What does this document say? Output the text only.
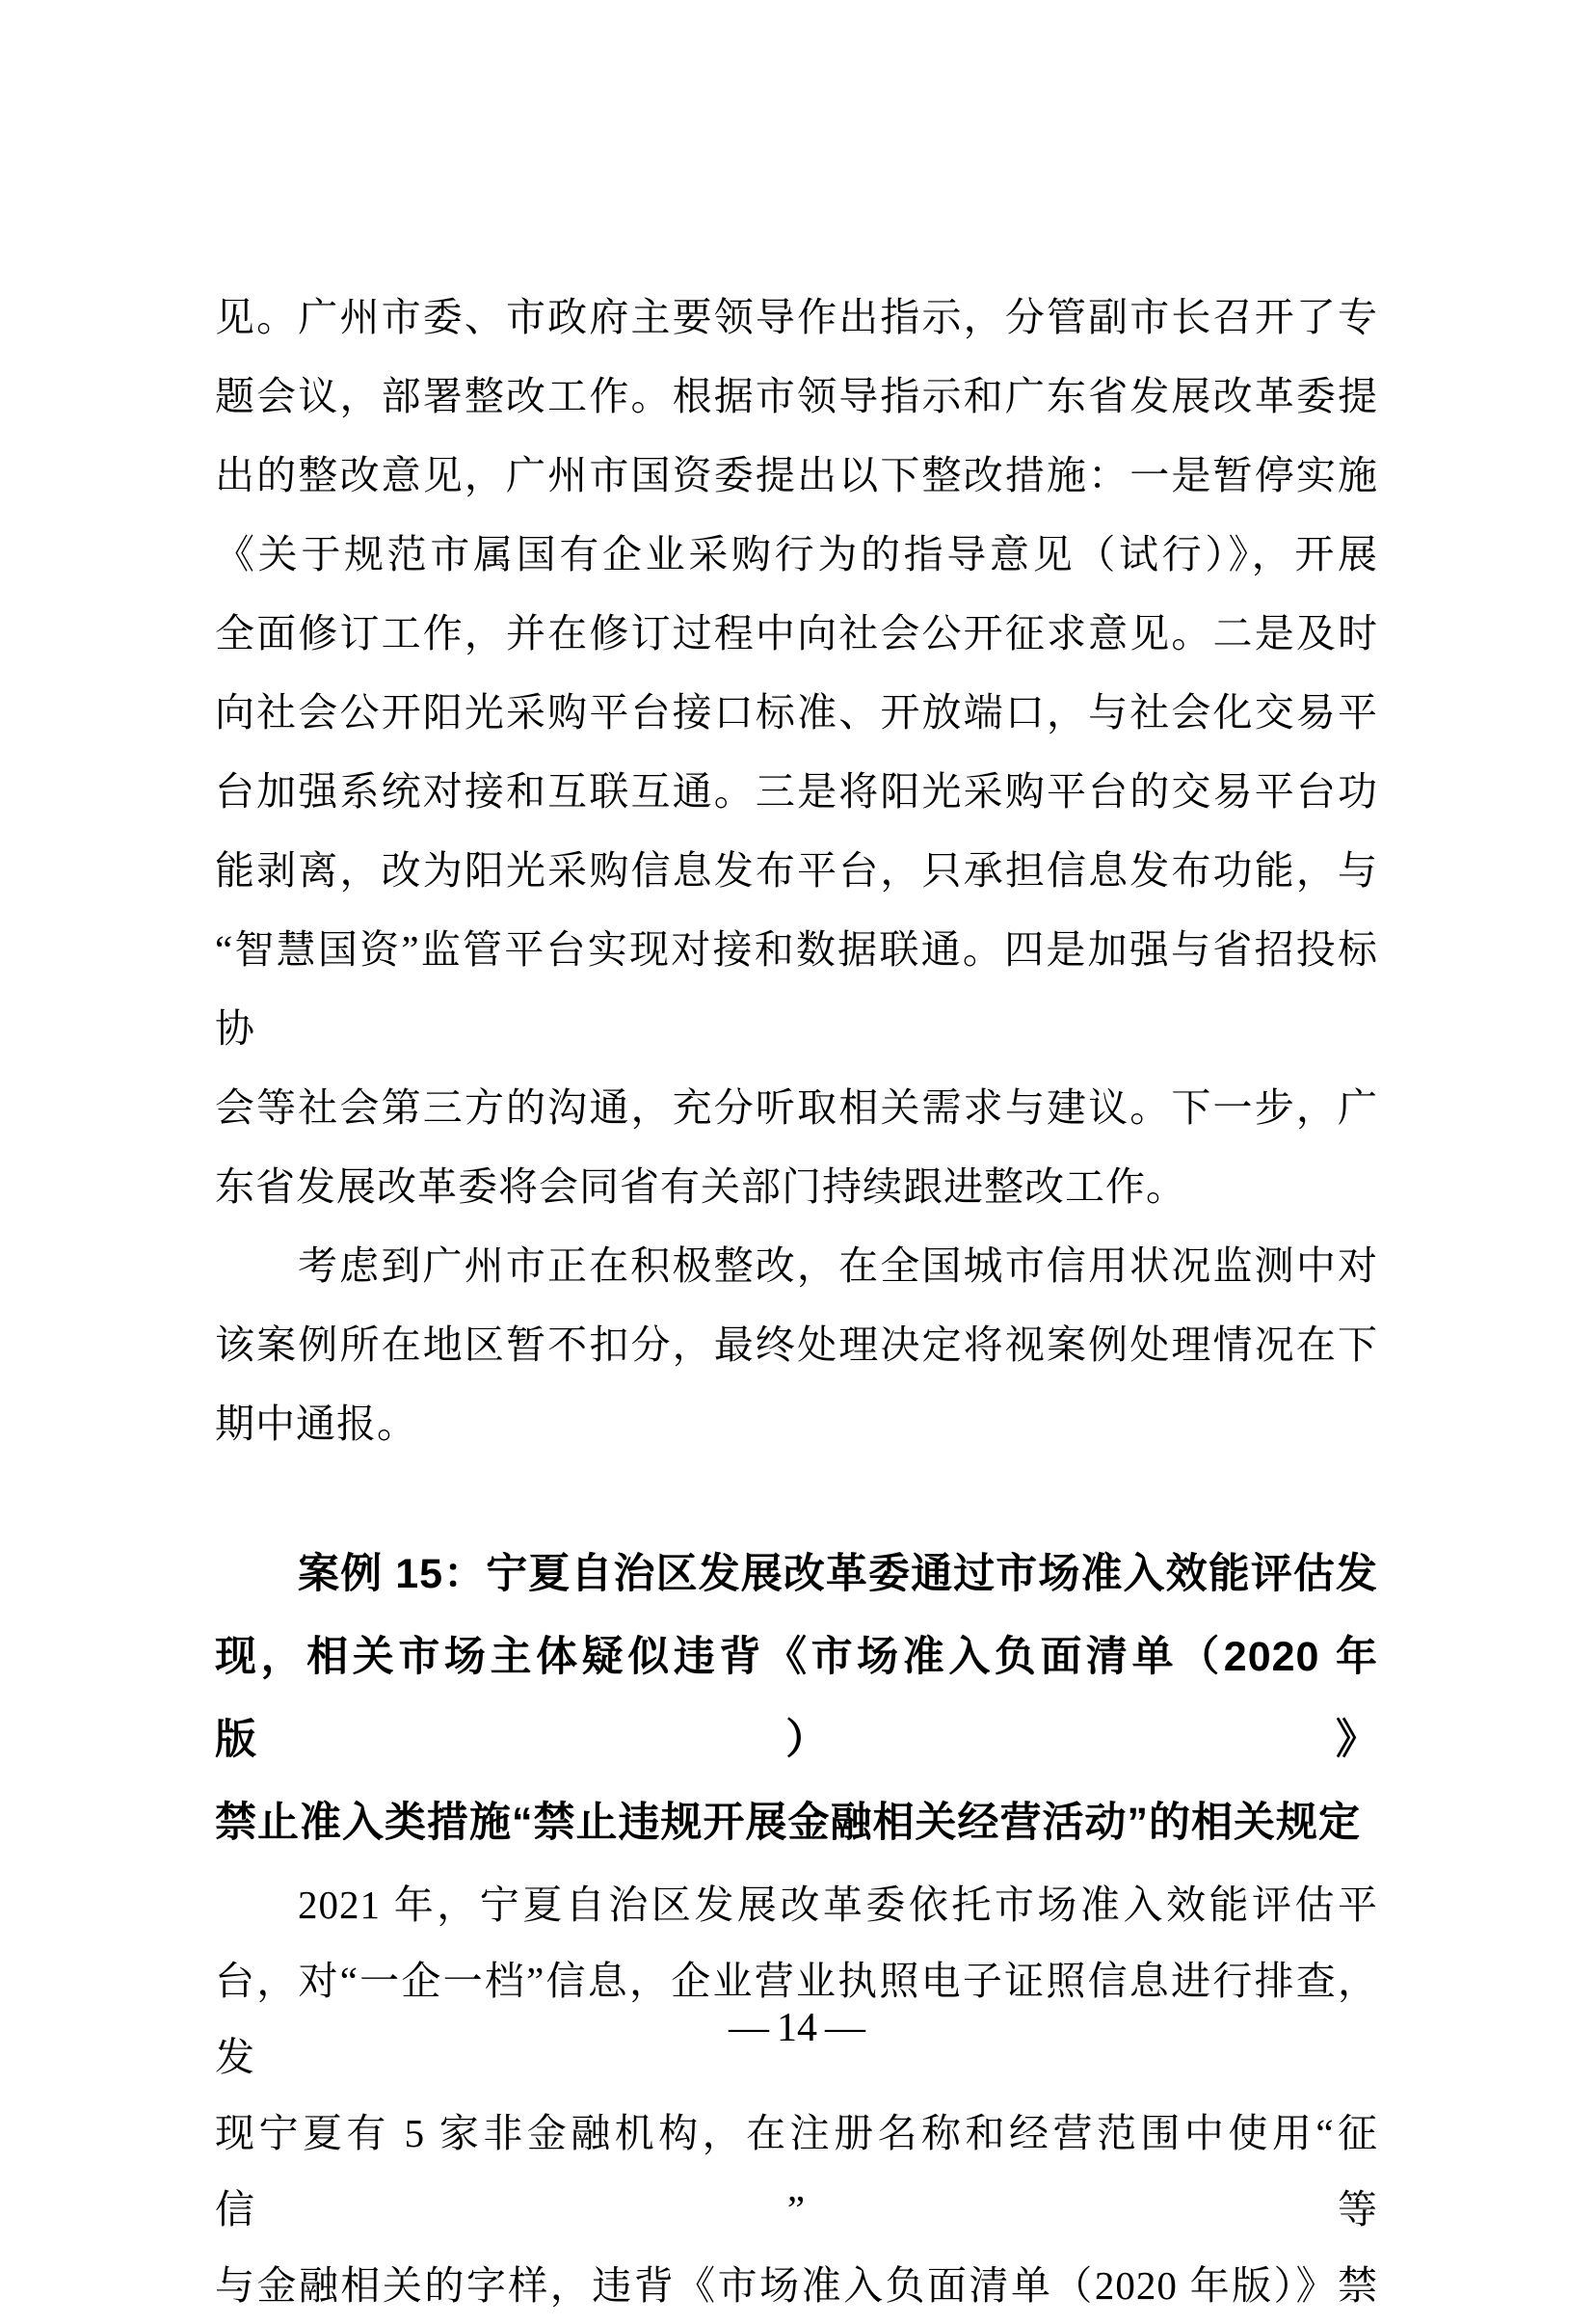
见。广州市委、市政府主要领导作出指示，分管副市长召开了专
题会议，部署整改工作。根据市领导指示和广东省发展改革委提
出的整改意见，广州市国资委提出以下整改措施：一是暂停实施
《关于规范市属国有企业采购行为的指导意见（试行）》，开展
全面修订工作，并在修订过程中向社会公开征求意见。二是及时
向社会公开阳光采购平台接口标准、开放端口，与社会化交易平
台加强系统对接和互联互通。三是将阳光采购平台的交易平台功
能剥离，改为阳光采购信息发布平台，只承担信息发布功能，与
“智慧国资”监管平台实现对接和数据联通。四是加强与省招投标协
会等社会第三方的沟通，充分听取相关需求与建议。下一步，广
东省发展改革委将会同省有关部门持续跟进整改工作。
考虑到广州市正在积极整改，在全国城市信用状况监测中对
该案例所在地区暂不扣分，最终处理决定将视案例处理情况在下
期中通报。
案例 15：宁夏自治区发展改革委通过市场准入效能评估发
现，相关市场主体疑似违背《市场准入负面清单（2020 年版）》
禁止准入类措施“禁止违规开展金融相关经营活动”的相关规定
2021 年，宁夏自治区发展改革委依托市场准入效能评估平
台，对“一企一档”信息，企业营业执照电子证照信息进行排查，发
现宁夏有 5 家非金融机构，在注册名称和经营范围中使用“征信”等
与金融相关的字样，违背《市场准入负面清单（2020 年版）》禁
— 14 —
